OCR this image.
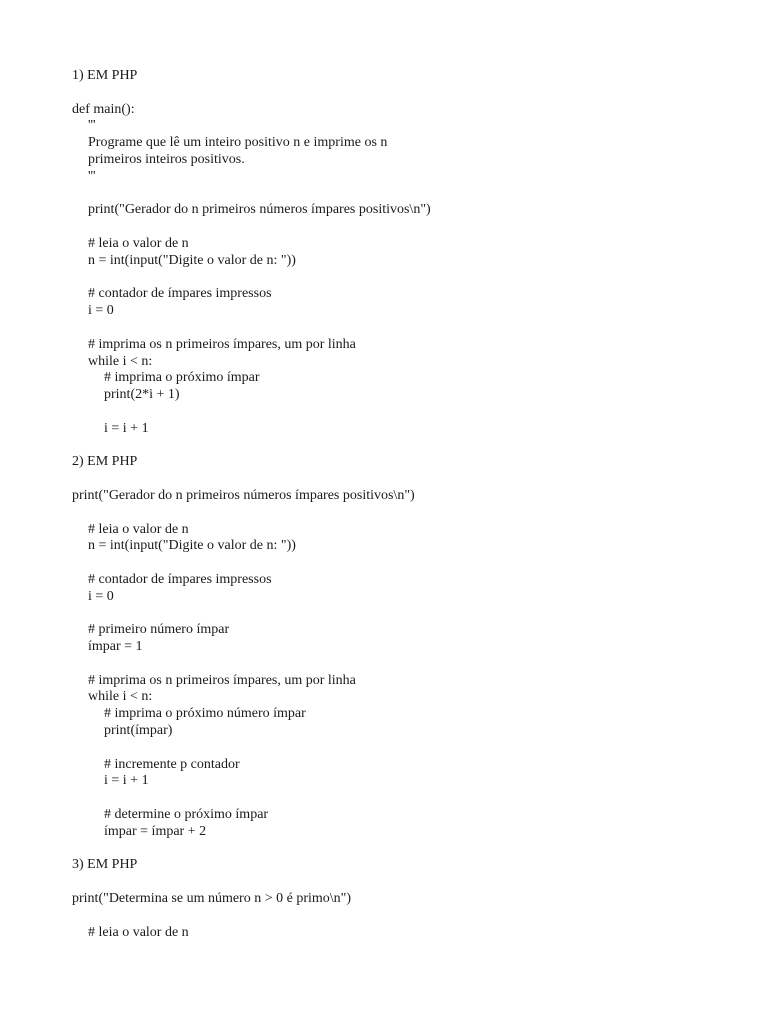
1) EM PHP
def main():
'''
Programe que lê um inteiro positivo n e imprime os n
primeiros inteiros positivos.
'''
print("Gerador do n primeiros números ímpares positivos\n")
# leia o valor de n
n = int(input("Digite o valor de n: "))
# contador de ímpares impressos
i = 0
# imprima os n primeiros ímpares, um por linha
while i < n:
# imprima o próximo ímpar
print(2*i + 1)
i = i + 1
2) EM PHP
print("Gerador do n primeiros números ímpares positivos\n")
# leia o valor de n
n = int(input("Digite o valor de n: "))
# contador de ímpares impressos
i = 0
# primeiro número ímpar
ímpar = 1
# imprima os n primeiros ímpares, um por linha
while i < n:
# imprima o próximo número ímpar
print(ímpar)
# incremente p contador
i = i + 1
# determine o próximo ímpar
ímpar = ímpar + 2
3) EM PHP
print("Determina se um número n > 0 é primo\n")
# leia o valor de n
